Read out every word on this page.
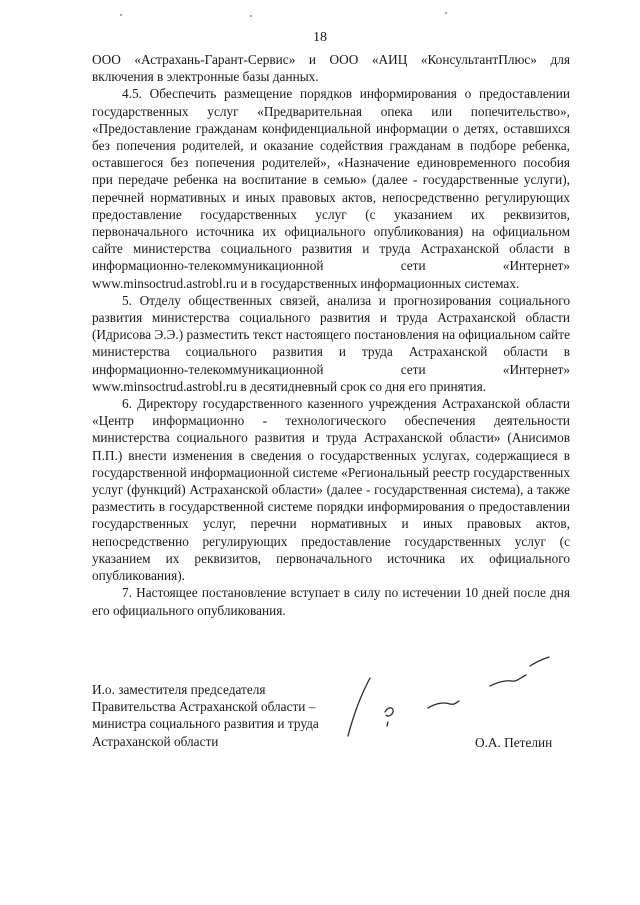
18

ООО «Астрахань-Гарант-Сервис» и ООО «АИЦ «КонсультантПлюс» для включения в электронные базы данных.

4.5. Обеспечить размещение порядков информирования о предоставлении государственных услуг «Предварительная опека или попечительство», «Предоставление гражданам конфиденциальной информации о детях, оставшихся без попечения родителей, и оказание содействия гражданам в подборе ребенка, оставшегося без попечения родителей», «Назначение единовременного пособия при передаче ребенка на воспитание в семью» (далее - государственные услуги), перечней нормативных и иных правовых актов, непосредственно регулирующих предоставление государственных услуг (с указанием их реквизитов, первоначального источника их официального опубликования) на официальном сайте министерства социального развития и труда Астраханской области в информационно-телекоммуникационной сети «Интернет» www.minsoctrud.astrobl.ru и в государственных информационных системах.

5. Отделу общественных связей, анализа и прогнозирования социального развития министерства социального развития и труда Астраханской области (Идрисова Э.Э.) разместить текст настоящего постановления на официальном сайте министерства социального развития и труда Астраханской области в информационно-телекоммуникационной сети «Интернет» www.minsoctrud.astrobl.ru в десятидневный срок со дня его принятия.

6. Директору государственного казенного учреждения Астраханской области «Центр информационно - технологического обеспечения деятельности министерства социального развития и труда Астраханской области» (Анисимов П.П.) внести изменения в сведения о государственных услугах, содержащиеся в государственной информационной системе «Региональный реестр государственных услуг (функций) Астраханской области» (далее - государственная система), а также разместить в государственной системе порядки информирования о предоставлении государственных услуг, перечни нормативных и иных правовых актов, непосредственно регулирующих предоставление государственных услуг (с указанием их реквизитов, первоначального источника их официального опубликования).

7. Настоящее постановление вступает в силу по истечении 10 дней после дня его официального опубликования.

И.о. заместителя председателя
Правительства Астраханской области –
министра социального развития и труда
Астраханской области	О.А. Петелин
